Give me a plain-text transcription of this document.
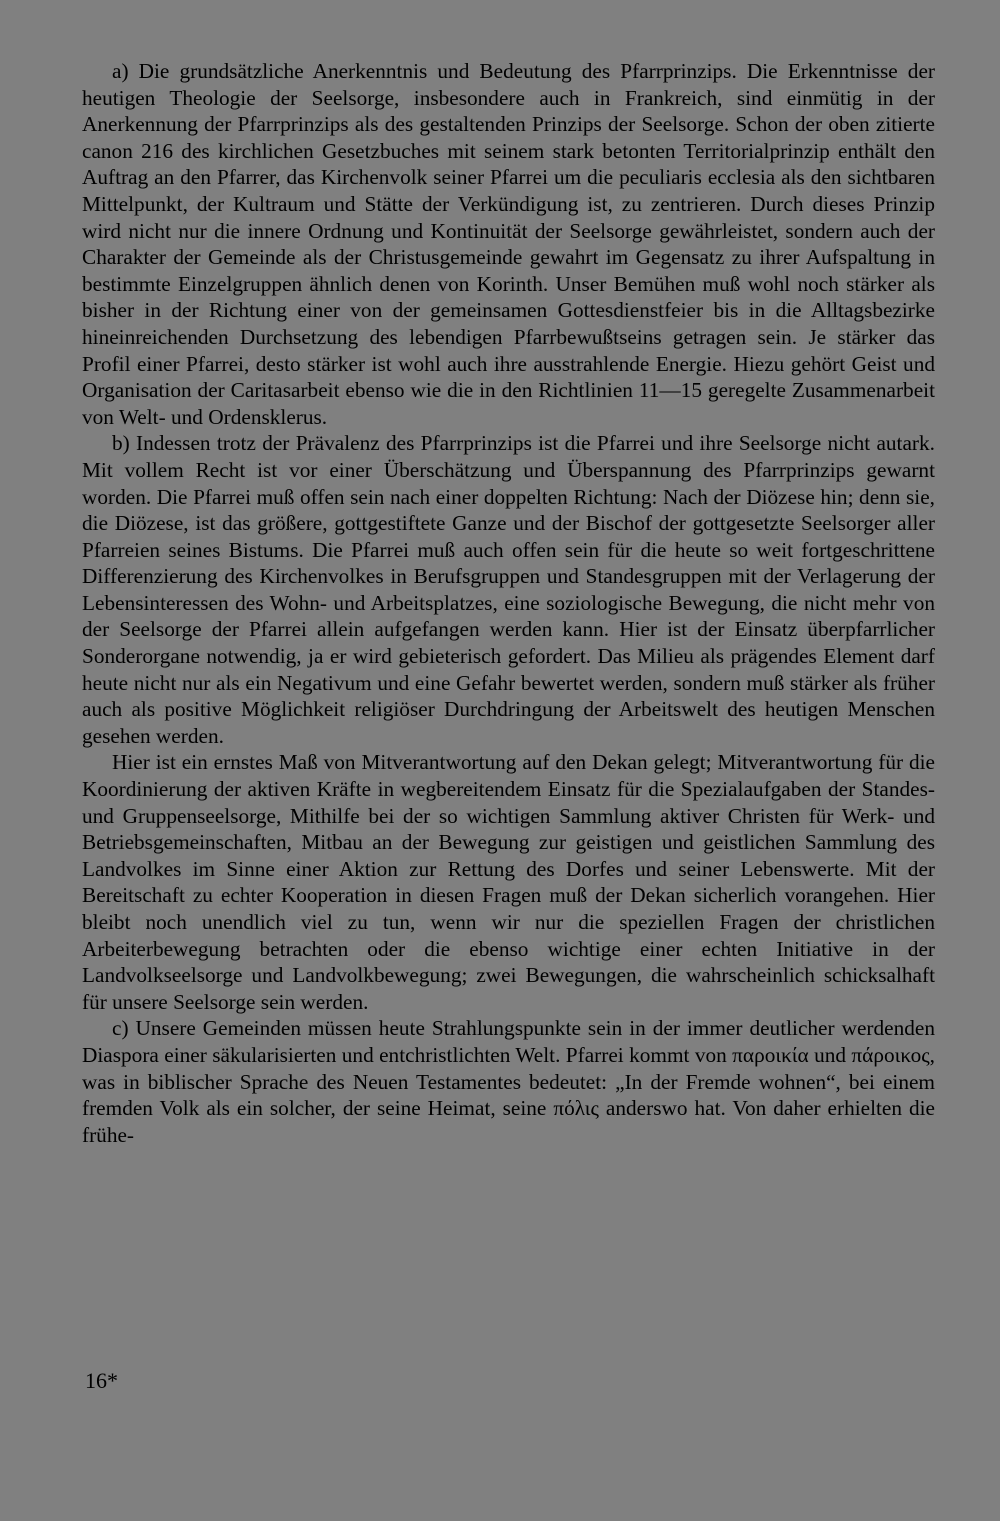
a) Die grundsätzliche Anerkenntnis und Bedeutung des Pfarrprinzips. Die Erkenntnisse der heutigen Theologie der Seelsorge, insbesondere auch in Frankreich, sind einmütig in der Anerkennung der Pfarrprinzips als des gestaltenden Prinzips der Seelsorge. Schon der oben zitierte canon 216 des kirchlichen Gesetzbuches mit seinem stark betonten Territorialprinzip enthält den Auftrag an den Pfarrer, das Kirchenvolk seiner Pfarrei um die peculiaris ecclesia als den sichtbaren Mittelpunkt, der Kultraum und Stätte der Verkündigung ist, zu zentrieren. Durch dieses Prinzip wird nicht nur die innere Ordnung und Kontinuität der Seelsorge gewährleistet, sondern auch der Charakter der Gemeinde als der Christusgemeinde gewahrt im Gegensatz zu ihrer Aufspaltung in bestimmte Einzelgruppen ähnlich denen von Korinth. Unser Bemühen muß wohl noch stärker als bisher in der Richtung einer von der gemeinsamen Gottesdienstfeier bis in die Alltagsbezirke hineinreichenden Durchsetzung des lebendigen Pfarrbewußtseins getragen sein. Je stärker das Profil einer Pfarrei, desto stärker ist wohl auch ihre ausstrahlende Energie. Hiezu gehört Geist und Organisation der Caritasarbeit ebenso wie die in den Richtlinien 11—15 geregelte Zusammenarbeit von Welt- und Ordensklerus.

b) Indessen trotz der Prävalenz des Pfarrprinzips ist die Pfarrei und ihre Seelsorge nicht autark. Mit vollem Recht ist vor einer Überschätzung und Überspannung des Pfarrprinzips gewarnt worden. Die Pfarrei muß offen sein nach einer doppelten Richtung: Nach der Diözese hin; denn sie, die Diözese, ist das größere, gottgestiftete Ganze und der Bischof der gottgesetzte Seelsorger aller Pfarreien seines Bistums. Die Pfarrei muß auch offen sein für die heute so weit fortgeschrittene Differenzierung des Kirchenvolkes in Berufsgruppen und Standesgruppen mit der Verlagerung der Lebensinteressen des Wohn- und Arbeitsplatzes, eine soziologische Bewegung, die nicht mehr von der Seelsorge der Pfarrei allein aufgefangen werden kann. Hier ist der Einsatz überpfarrlicher Sonderorgane notwendig, ja er wird gebieterisch gefordert. Das Milieu als prägendes Element darf heute nicht nur als ein Negativum und eine Gefahr bewertet werden, sondern muß stärker als früher auch als positive Möglichkeit religiöser Durchdringung der Arbeitswelt des heutigen Menschen gesehen werden.

Hier ist ein ernstes Maß von Mitverantwortung auf den Dekan gelegt; Mitverantwortung für die Koordinierung der aktiven Kräfte in wegbereitendem Einsatz für die Spezialaufgaben der Standes- und Gruppenseelsorge, Mithilfe bei der so wichtigen Sammlung aktiver Christen für Werk- und Betriebsgemeinschaften, Mitbau an der Bewegung zur geistigen und geistlichen Sammlung des Landvolkes im Sinne einer Aktion zur Rettung des Dorfes und seiner Lebenswerte. Mit der Bereitschaft zu echter Kooperation in diesen Fragen muß der Dekan sicherlich vorangehen. Hier bleibt noch unendlich viel zu tun, wenn wir nur die speziellen Fragen der christlichen Arbeiterbewegung betrachten oder die ebenso wichtige einer echten Initiative in der Landvolkseelsorge und Landvolkbewegung; zwei Bewegungen, die wahrscheinlich schicksalhaft für unsere Seelsorge sein werden.

c) Unsere Gemeinden müssen heute Strahlungspunkte sein in der immer deutlicher werdenden Diaspora einer säkularisierten und entchristlichten Welt. Pfarrei kommt von παροικία und πάροικος, was in biblischer Sprache des Neuen Testamentes bedeutet: „In der Fremde wohnen“, bei einem fremden Volk als ein solcher, der seine Heimat, seine πόλις anderswo hat. Von daher erhielten die frühe-

16*
